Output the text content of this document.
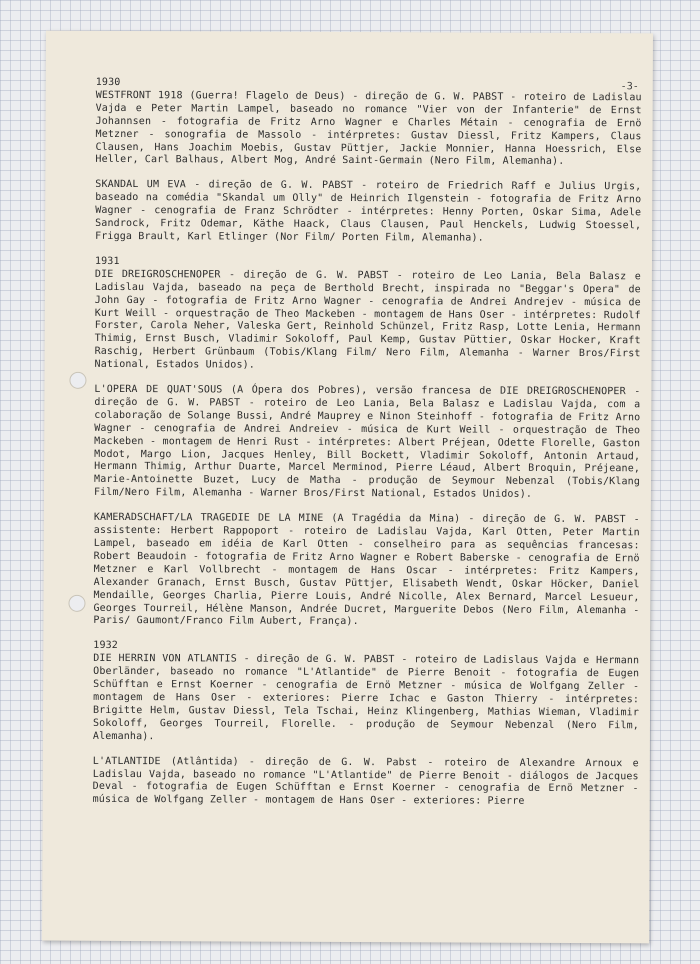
-3-
1930

WESTFRONT 1918 (Guerra! Flagelo de Deus) - direção de G. W. PABST - roteiro de Ladislau Vajda e Peter Martin Lampel, baseado no romance "Vier von der Infanterie" de Ernst Johannsen - fotografia de Fritz Arno Wagner e Charles Métain - cenografia de Ernö Metzner - sonografia de Massolo - intérpretes: Gustav Diessl, Fritz Kampers, Claus Clausen, Hans Joachim Moebis, Gustav Püttjer, Jackie Monnier, Hanna Hoessrich, Else Heller, Carl Balhaus, Albert Mog, André Saint-Germain (Nero Film, Alemanha).

SKANDAL UM EVA - direção de G. W. PABST - roteiro de Friedrich Raff e Julius Urgis, baseado na comédia "Skandal um Olly" de Heinrich Ilgenstein - fotografia de Fritz Arno Wagner - cenografia de Franz Schrödter - intérpretes: Henny Porten, Oskar Sima, Adele Sandrock, Fritz Odemar, Käthe Haack, Claus Clausen, Paul Henckels, Ludwig Stoessel, Frigga Brault, Karl Etlinger (Nor Film/ Porten Film, Alemanha).

1931

DIE DREIGROSCHENOPER - direção de G. W. PABST - roteiro de Leo Lania, Bela Balasz e Ladislau Vajda, baseado na peça de Berthold Brecht, inspirada no "Beggar's Opera" de John Gay - fotografia de Fritz Arno Wagner - cenografia de Andrei Andrejev - música de Kurt Weill - orquestração de Theo Mackeben - montagem de Hans Oser - intérpretes: Rudolf Forster, Carola Neher, Valeska Gert, Reinhold Schünzel, Fritz Rasp, Lotte Lenia, Hermann Thimig, Ernst Busch, Vladimir Sokoloff, Paul Kemp, Gustav Püttier, Oskar Hocker, Kraft Raschig, Herbert Grünbaum (Tobis/Klang Film/ Nero Film, Alemanha - Warner Bros/First National, Estados Unidos).

L'OPERA DE QUAT'SOUS (A Ópera dos Pobres), versão francesa de DIE DREIGROSCHENOPER - direção de G. W. PABST - roteiro de Leo Lania, Bela Balasz e Ladislau Vajda, com a colaboração de Solange Bussi, André Mauprey e Ninon Steinhoff - fotografia de Fritz Arno Wagner - cenografia de Andrei Andreiev - música de Kurt Weill - orquestração de Theo Mackeben - montagem de Henri Rust - intérpretes: Albert Préjean, Odette Florelle, Gaston Modot, Margo Lion, Jacques Henley, Bill Bockett, Vladimir Sokoloff, Antonin Artaud, Hermann Thimig, Arthur Duarte, Marcel Merminod, Pierre Léaud, Albert Broquin, Préjeane, Marie-Antoinette Buzet, Lucy de Matha - produção de Seymour Nebenzal (Tobis/Klang Film/Nero Film, Alemanha - Warner Bros/First National, Estados Unidos).

KAMERADSCHAFT/LA TRAGEDIE DE LA MINE (A Tragédia da Mina) - direção de G. W. PABST - assistente: Herbert Rappoport - roteiro de Ladislau Vajda, Karl Otten, Peter Martin Lampel, baseado em idéia de Karl Otten - conselheiro para as sequências francesas: Robert Beaudoin - fotografia de Fritz Arno Wagner e Robert Baberske - cenografia de Ernö Metzner e Karl Vollbrecht - montagem de Hans Oscar - intérpretes: Fritz Kampers, Alexander Granach, Ernst Busch, Gustav Püttjer, Elisabeth Wendt, Oskar Höcker, Daniel Mendaille, Georges Charlia, Pierre Louis, André Nicolle, Alex Bernard, Marcel Lesueur, Georges Tourreil, Hélène Manson, Andrée Ducret, Marguerite Debos (Nero Film, Alemanha - Paris/ Gaumont/Franco Film Aubert, França).

1932

DIE HERRIN VON ATLANTIS - direção de G. W. PABST - roteiro de Ladislaus Vajda e Hermann Oberländer, baseado no romance "L'Atlantide" de Pierre Benoit - fotografia de Eugen Schüfftan e Ernst Koerner - cenografia de Ernö Metzner - música de Wolfgang Zeller - montagem de Hans Oser - exteriores: Pierre Ichac e Gaston Thierry - intérpretes: Brigitte Helm, Gustav Diessl, Tela Tschai, Heinz Klingenberg, Mathias Wieman, Vladimir Sokoloff, Georges Tourreil, Florelle. - produção de Seymour Nebenzal (Nero Film, Alemanha).

L'ATLANTIDE (Atlântida) - direção de G. W. Pabst - roteiro de Alexandre Arnoux e Ladislau Vajda, baseado no romance "L'Atlantide" de Pierre Benoit - diálogos de Jacques Deval - fotografia de Eugen Schüfftan e Ernst Koerner - cenografia de Ernö Metzner - música de Wolfgang Zeller - montagem de Hans Oser - exteriores: Pierre
